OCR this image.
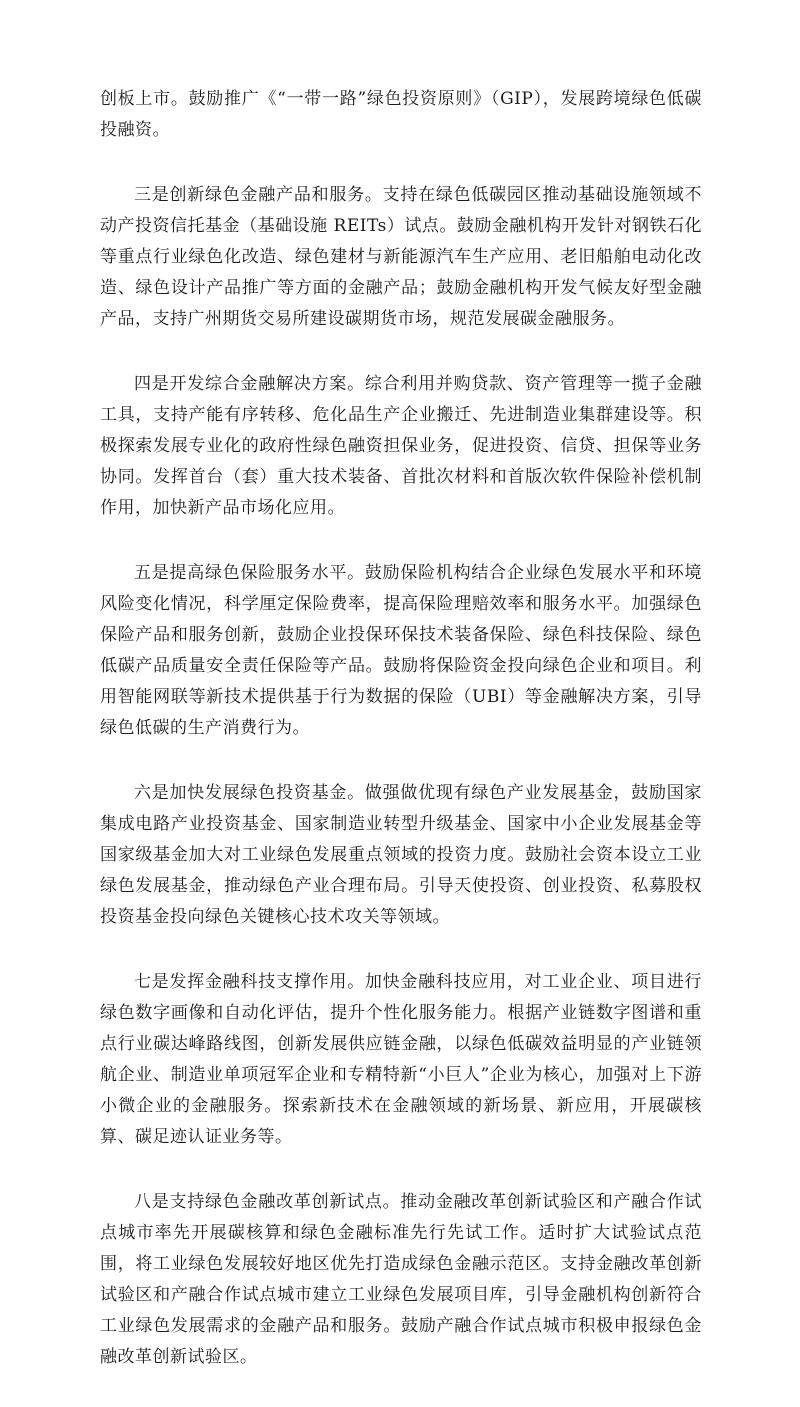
创板上市。鼓励推广《“一带一路”绿色投资原则》（GIP），发展跨境绿色低碳投融资。

三是创新绿色金融产品和服务。支持在绿色低碳园区推动基础设施领域不动产投资信托基金（基础设施 REITs）试点。鼓励金融机构开发针对钢铁石化等重点行业绿色化改造、绿色建材与新能源汽车生产应用、老旧船舶电动化改造、绿色设计产品推广等方面的金融产品；鼓励金融机构开发气候友好型金融产品，支持广州期货交易所建设碳期货市场，规范发展碳金融服务。

四是开发综合金融解决方案。综合利用并购贷款、资产管理等一揽子金融工具，支持产能有序转移、危化品生产企业搬迁、先进制造业集群建设等。积极探索发展专业化的政府性绿色融资担保业务，促进投资、信贷、担保等业务协同。发挥首台（套）重大技术装备、首批次材料和首版次软件保险补偿机制作用，加快新产品市场化应用。

五是提高绿色保险服务水平。鼓励保险机构结合企业绿色发展水平和环境风险变化情况，科学厘定保险费率，提高保险理赔效率和服务水平。加强绿色保险产品和服务创新，鼓励企业投保环保技术装备保险、绿色科技保险、绿色低碳产品质量安全责任保险等产品。鼓励将保险资金投向绿色企业和项目。利用智能网联等新技术提供基于行为数据的保险（UBI）等金融解决方案，引导绿色低碳的生产消费行为。

六是加快发展绿色投资基金。做强做优现有绿色产业发展基金，鼓励国家集成电路产业投资基金、国家制造业转型升级基金、国家中小企业发展基金等国家级基金加大对工业绿色发展重点领域的投资力度。鼓励社会资本设立工业绿色发展基金，推动绿色产业合理布局。引导天使投资、创业投资、私募股权投资基金投向绿色关键核心技术攻关等领域。

七是发挥金融科技支撑作用。加快金融科技应用，对工业企业、项目进行绿色数字画像和自动化评估，提升个性化服务能力。根据产业链数字图谱和重点行业碳达峰路线图，创新发展供应链金融，以绿色低碳效益明显的产业链领航企业、制造业单项冠军企业和专精特新“小巨人”企业为核心，加强对上下游小微企业的金融服务。探索新技术在金融领域的新场景、新应用，开展碳核算、碳足迹认证业务等。

八是支持绿色金融改革创新试点。推动金融改革创新试验区和产融合作试点城市率先开展碳核算和绿色金融标准先行先试工作。适时扩大试验试点范围，将工业绿色发展较好地区优先打造成绿色金融示范区。支持金融改革创新试验区和产融合作试点城市建立工业绿色发展项目库，引导金融机构创新符合工业绿色发展需求的金融产品和服务。鼓励产融合作试点城市积极申报绿色金融改革创新试验区。
